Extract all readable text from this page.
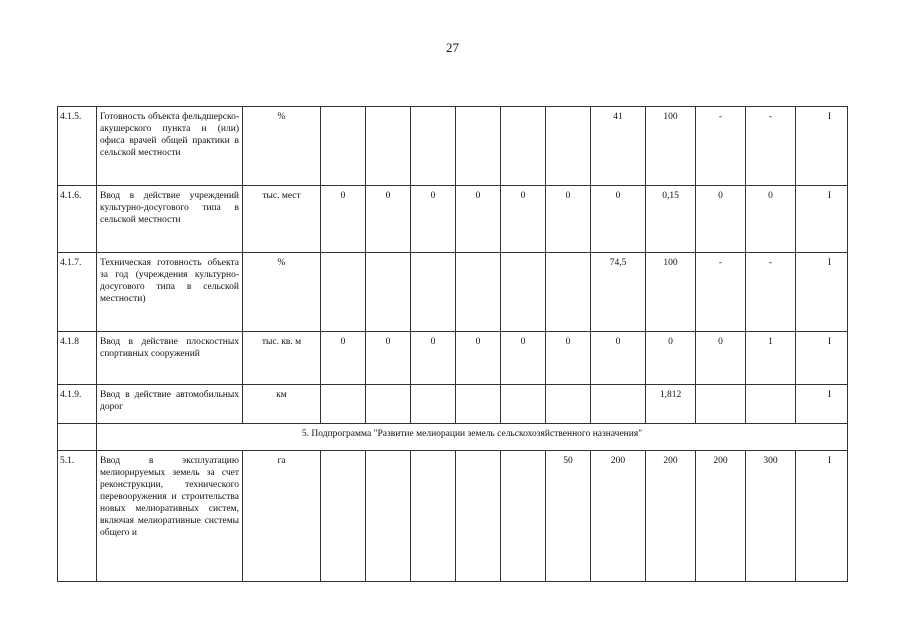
27
4.1.5.	Готовность объекта фельдшерско-акушерского пункта и (или) офиса врачей общей практики в сельской местности	%							41	100	-	-	I
4.1.6.	Ввод в действие учреждений культурно-досугового типа в сельской местности	тыс. мест	0	0	0	0	0	0	0	0,15	0	0	I
4.1.7.	Техническая готовность объекта за год (учреждения культурно-досугового типа в сельской местности)	%							74,5	100	-	-	I
4.1.8	Ввод в действие плоскостных спортивных сооружений	тыс. кв. м	0	0	0	0	0	0	0	0	0	1	I
4.1.9.	Ввод в действие автомобильных дорог	км								1,812			I
	5. Подпрограмма "Развитие мелиорации земель сельскохозяйственного назначения"												
5.1.	Ввод в эксплуатацию мелиорируемых земель за счет реконструкции, технического перевооружения и строительства новых мелиоративных систем, включая мелиоративные системы общего и	га						50	200	200	200	300	I
